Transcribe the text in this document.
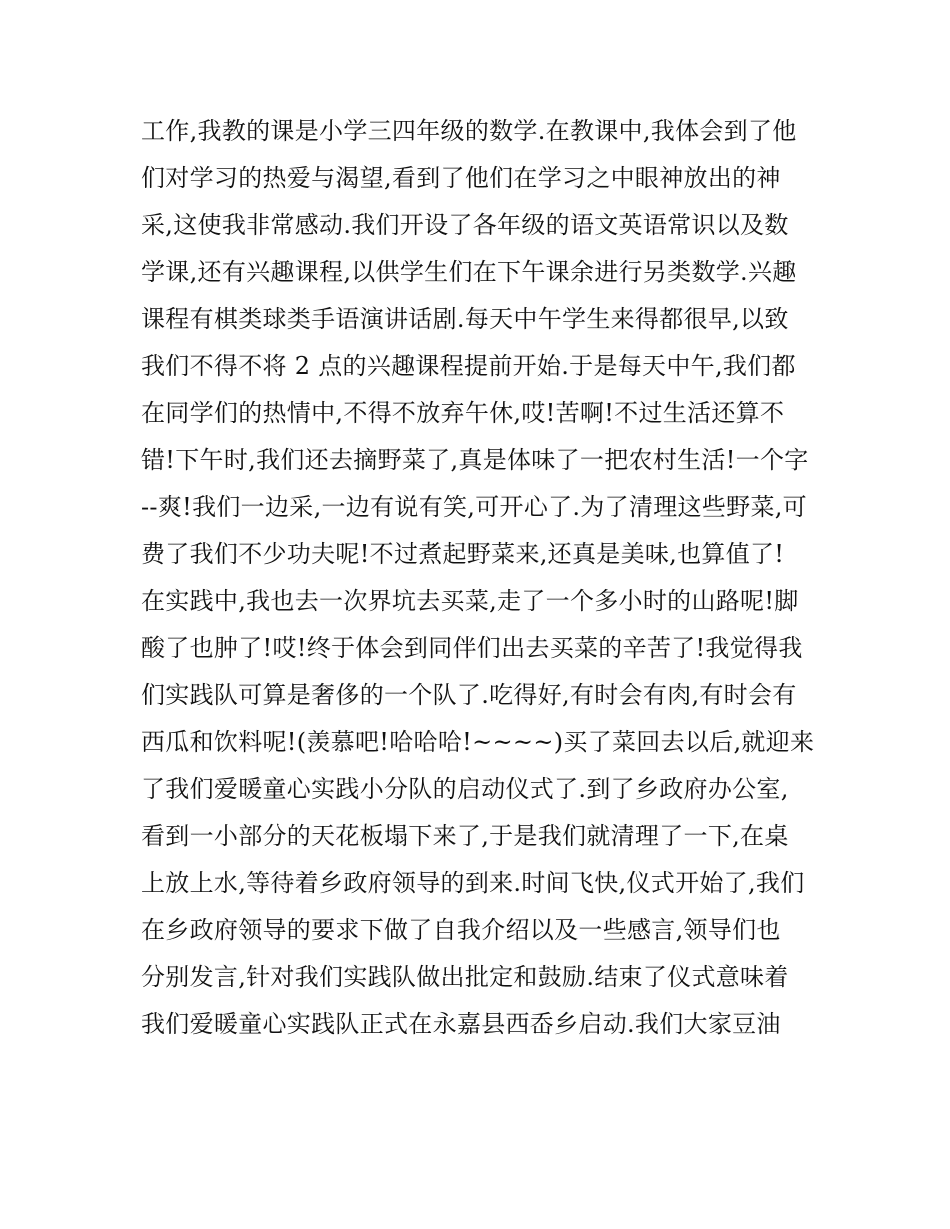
工作,我教的课是小学三四年级的数学.在教课中,我体会到了他
们对学习的热爱与渴望,看到了他们在学习之中眼神放出的神
采,这使我非常感动.我们开设了各年级的语文英语常识以及数
学课,还有兴趣课程,以供学生们在下午课余进行另类数学.兴趣
课程有棋类球类手语演讲话剧.每天中午学生来得都很早,以致
我们不得不将 2 点的兴趣课程提前开始.于是每天中午,我们都
在同学们的热情中,不得不放弃午休,哎!苦啊!不过生活还算不
错!下午时,我们还去摘野菜了,真是体味了一把农村生活!一个字
--爽!我们一边采,一边有说有笑,可开心了.为了清理这些野菜,可
费了我们不少功夫呢!不过煮起野菜来,还真是美味,也算值了!
在实践中,我也去一次界坑去买菜,走了一个多小时的山路呢!脚
酸了也肿了!哎!终于体会到同伴们出去买菜的辛苦了!我觉得我
们实践队可算是奢侈的一个队了.吃得好,有时会有肉,有时会有
西瓜和饮料呢!(羡慕吧!哈哈哈!~~~~)买了菜回去以后,就迎来
了我们爱暖童心实践小分队的启动仪式了.到了乡政府办公室,
看到一小部分的天花板塌下来了,于是我们就清理了一下,在桌
上放上水,等待着乡政府领导的到来.时间飞快,仪式开始了,我们
在乡政府领导的要求下做了自我介绍以及一些感言,领导们也
分别发言,针对我们实践队做出批定和鼓励.结束了仪式意味着
我们爱暖童心实践队正式在永嘉县西岙乡启动.我们大家豆油
